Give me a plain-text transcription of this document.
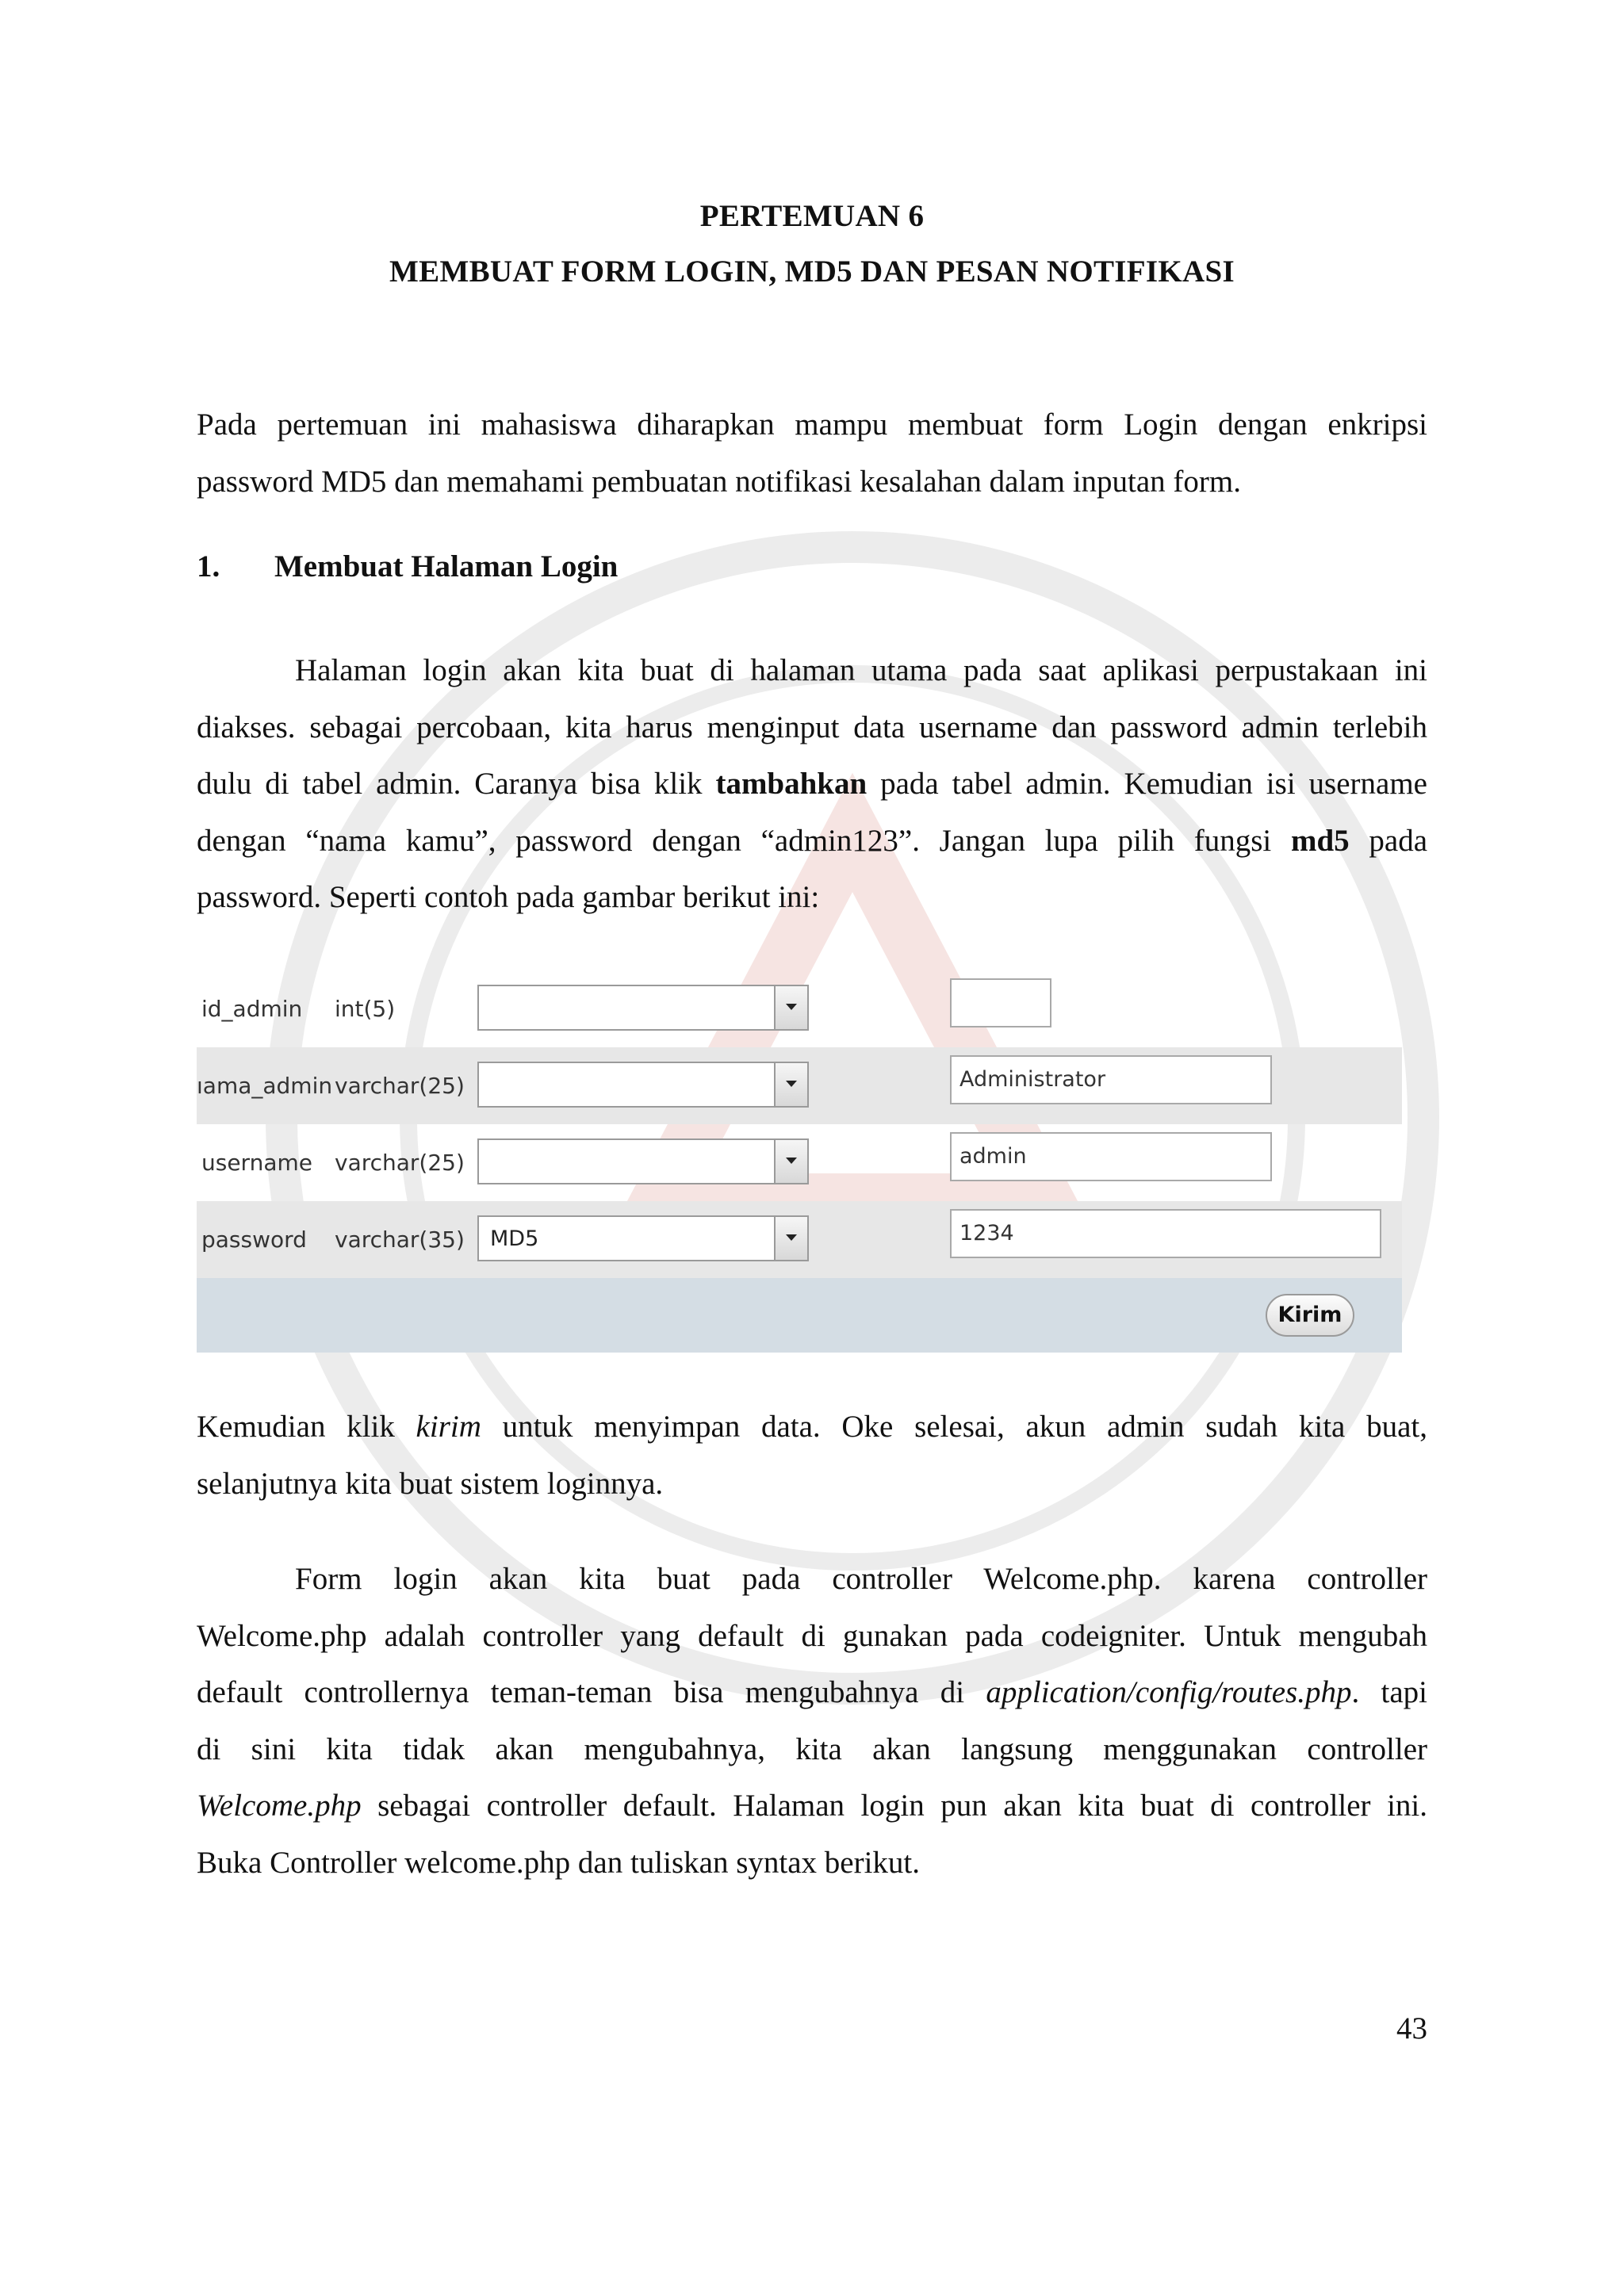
PERTEMUAN 6
MEMBUAT FORM LOGIN, MD5 DAN PESAN NOTIFIKASI
Pada pertemuan ini mahasiswa diharapkan mampu membuat form Login dengan enkripsi
password MD5 dan memahami pembuatan notifikasi kesalahan dalam inputan form.
1. Membuat Halaman Login
Halaman login akan kita buat di halaman utama pada saat aplikasi perpustakaan ini
diakses. sebagai percobaan, kita harus menginput data username dan password admin terlebih
dulu di tabel admin. Caranya bisa klik tambahkan pada tabel admin. Kemudian isi username
dengan “nama kamu”, password dengan “admin123”. Jangan lupa pilih fungsi md5 pada
password. Seperti contoh pada gambar berikut ini:
id_admin int(5)
ıama_admin varchar(25)	Administrator
username varchar(25)	admin
password varchar(35) MD5	1234
Kirim
Kemudian klik kirim untuk menyimpan data. Oke selesai, akun admin sudah kita buat,
selanjutnya kita buat sistem loginnya.
Form login akan kita buat pada controller Welcome.php. karena controller
Welcome.php adalah controller yang default di gunakan pada codeigniter. Untuk mengubah
default controllernya teman-teman bisa mengubahnya di application/config/routes.php. tapi
di sini kita tidak akan mengubahnya, kita akan langsung menggunakan controller
Welcome.php sebagai controller default. Halaman login pun akan kita buat di controller ini.
Buka Controller welcome.php dan tuliskan syntax berikut.
43
